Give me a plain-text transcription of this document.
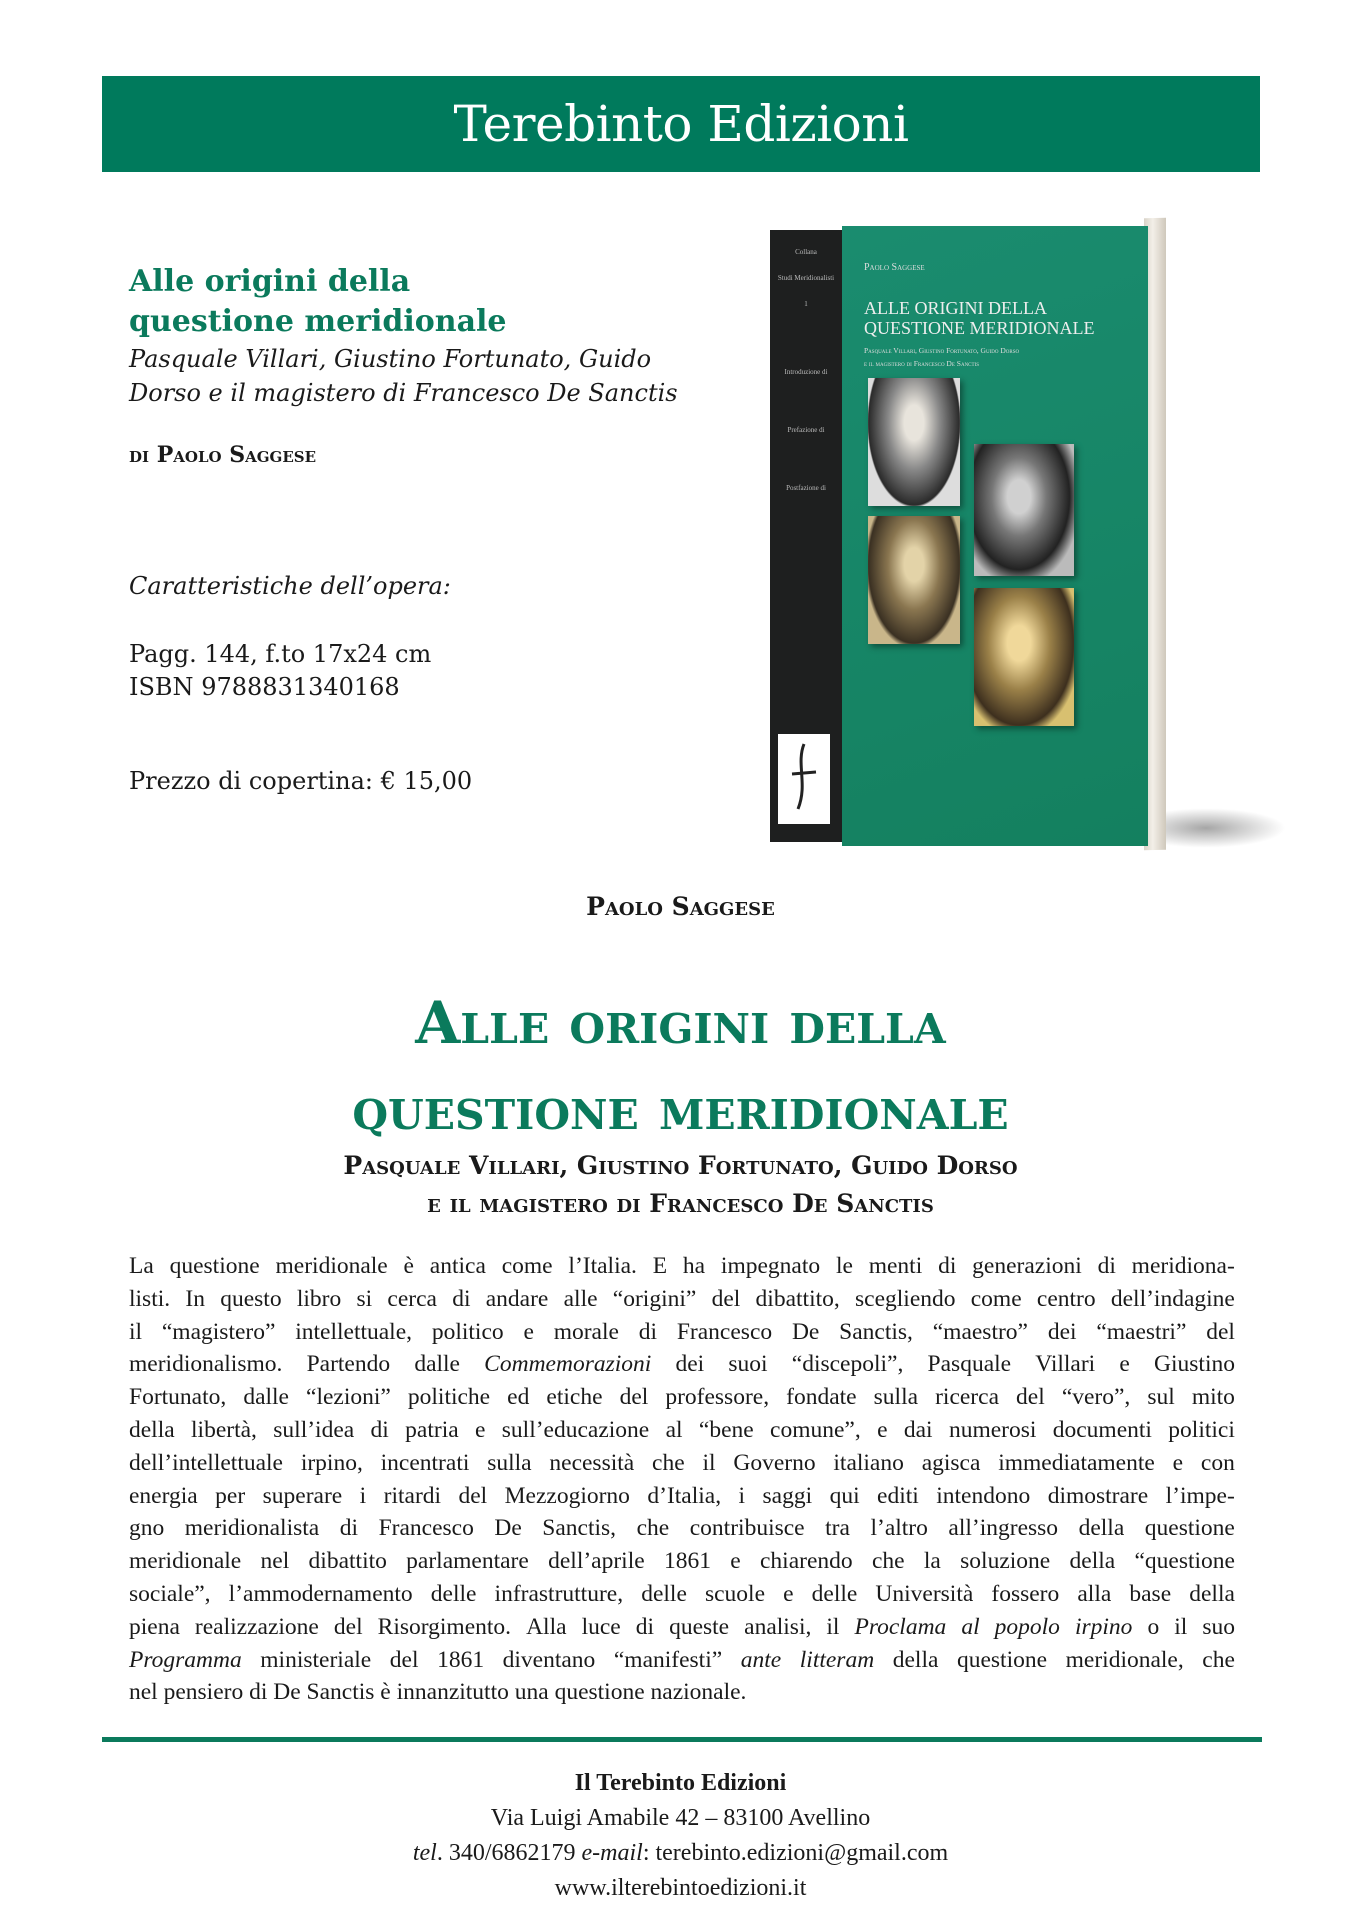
Terebinto Edizioni
Alle origini della
questione meridionale
Pasquale Villari, Giustino Fortunato, Guido
Dorso e il magistero di Francesco De Sanctis
di Paolo Saggese
Caratteristiche dell’opera:
Pagg. 144, f.to 17x24 cm
ISBN 9788831340168
Prezzo di copertina: € 15,00
Collana
Studi Meridionalisti
1
Introduzione di
Prefazione di
Postfazione di
Paolo Saggese
ALLE ORIGINI DELLA
QUESTIONE MERIDIONALE
Pasquale Villari, Giustino Fortunato, Guido Dorso
e il magistero di Francesco De Sanctis
Paolo Saggese
Alle origini della
questione meridionale
Pasquale Villari, Giustino Fortunato, Guido Dorso
e il magistero di Francesco De Sanctis
La questione meridionale è antica come l’Italia. E ha impegnato le menti di generazioni di meridiona-
listi. In questo libro si cerca di andare alle “origini” del dibattito, scegliendo come centro dell’indagine
il “magistero” intellettuale, politico e morale di Francesco De Sanctis, “maestro” dei “maestri” del
meridionalismo. Partendo dalle Commemorazioni dei suoi “discepoli”, Pasquale Villari e Giustino
Fortunato, dalle “lezioni” politiche ed etiche del professore, fondate sulla ricerca del “vero”, sul mito
della libertà, sull’idea di patria e sull’educazione al “bene comune”, e dai numerosi documenti politici
dell’intellettuale irpino, incentrati sulla necessità che il Governo italiano agisca immediatamente e con
energia per superare i ritardi del Mezzogiorno d’Italia, i saggi qui editi intendono dimostrare l’impe-
gno meridionalista di Francesco De Sanctis, che contribuisce tra l’altro all’ingresso della questione
meridionale nel dibattito parlamentare dell’aprile 1861 e chiarendo che la soluzione della “questione
sociale”, l’ammodernamento delle infrastrutture, delle scuole e delle Università fossero alla base della
piena realizzazione del Risorgimento. Alla luce di queste analisi, il Proclama al popolo irpino o il suo
Programma ministeriale del 1861 diventano “manifesti” ante litteram della questione meridionale, che
nel pensiero di De Sanctis è innanzitutto una questione nazionale.
Il Terebinto Edizioni
Via Luigi Amabile 42 – 83100 Avellino
tel. 340/6862179 e-mail: terebinto.edizioni@gmail.com
www.ilterebintoedizioni.it
